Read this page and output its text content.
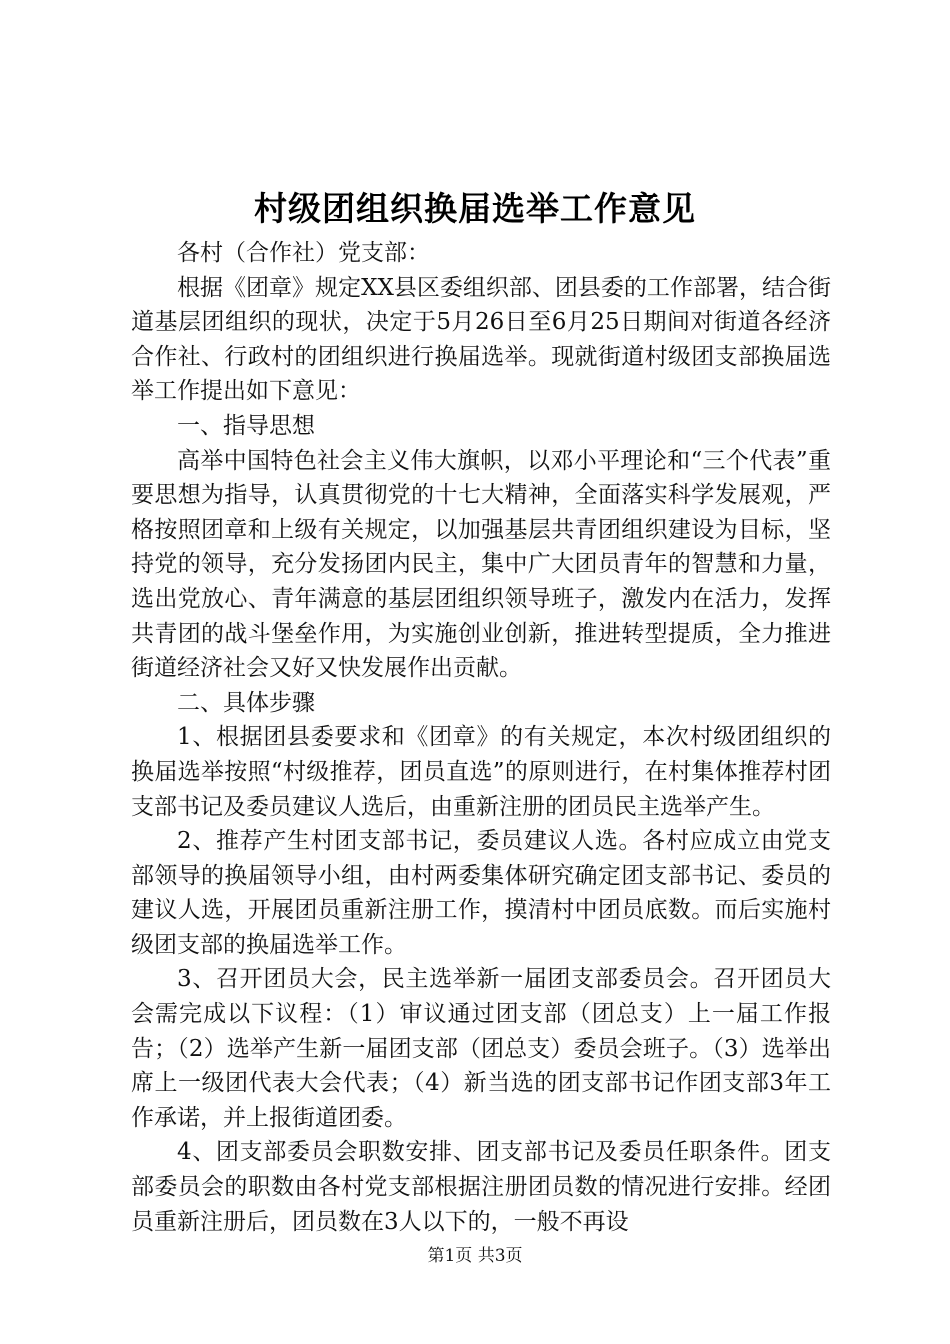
村级团组织换届选举工作意见

各村（合作社）党支部：

根据《团章》规定XX县区委组织部、团县委的工作部署，结合街道基层团组织的现状，决定于5月26日至6月25日期间对街道各经济合作社、行政村的团组织进行换届选举。现就街道村级团支部换届选举工作提出如下意见：

一、指导思想

高举中国特色社会主义伟大旗帜，以邓小平理论和“三个代表”重要思想为指导，认真贯彻党的十七大精神，全面落实科学发展观，严格按照团章和上级有关规定，以加强基层共青团组织建设为目标，坚持党的领导，充分发扬团内民主，集中广大团员青年的智慧和力量，选出党放心、青年满意的基层团组织领导班子，激发内在活力，发挥共青团的战斗堡垒作用，为实施创业创新，推进转型提质，全力推进街道经济社会又好又快发展作出贡献。

二、具体步骤

1、根据团县委要求和《团章》的有关规定，本次村级团组织的换届选举按照“村级推荐，团员直选”的原则进行，在村集体推荐村团支部书记及委员建议人选后，由重新注册的团员民主选举产生。

2、推荐产生村团支部书记，委员建议人选。各村应成立由党支部领导的换届领导小组，由村两委集体研究确定团支部书记、委员的建议人选，开展团员重新注册工作，摸清村中团员底数。而后实施村级团支部的换届选举工作。

3、召开团员大会，民主选举新一届团支部委员会。召开团员大会需完成以下议程：（1）审议通过团支部（团总支）上一届工作报告；（2）选举产生新一届团支部（团总支）委员会班子。（3）选举出席上一级团代表大会代表；（4）新当选的团支部书记作团支部3年工作承诺，并上报街道团委。

4、团支部委员会职数安排、团支部书记及委员任职条件。团支部委员会的职数由各村党支部根据注册团员数的情况进行安排。经团员重新注册后，团员数在3人以下的，一般不再设

第1页 共3页
